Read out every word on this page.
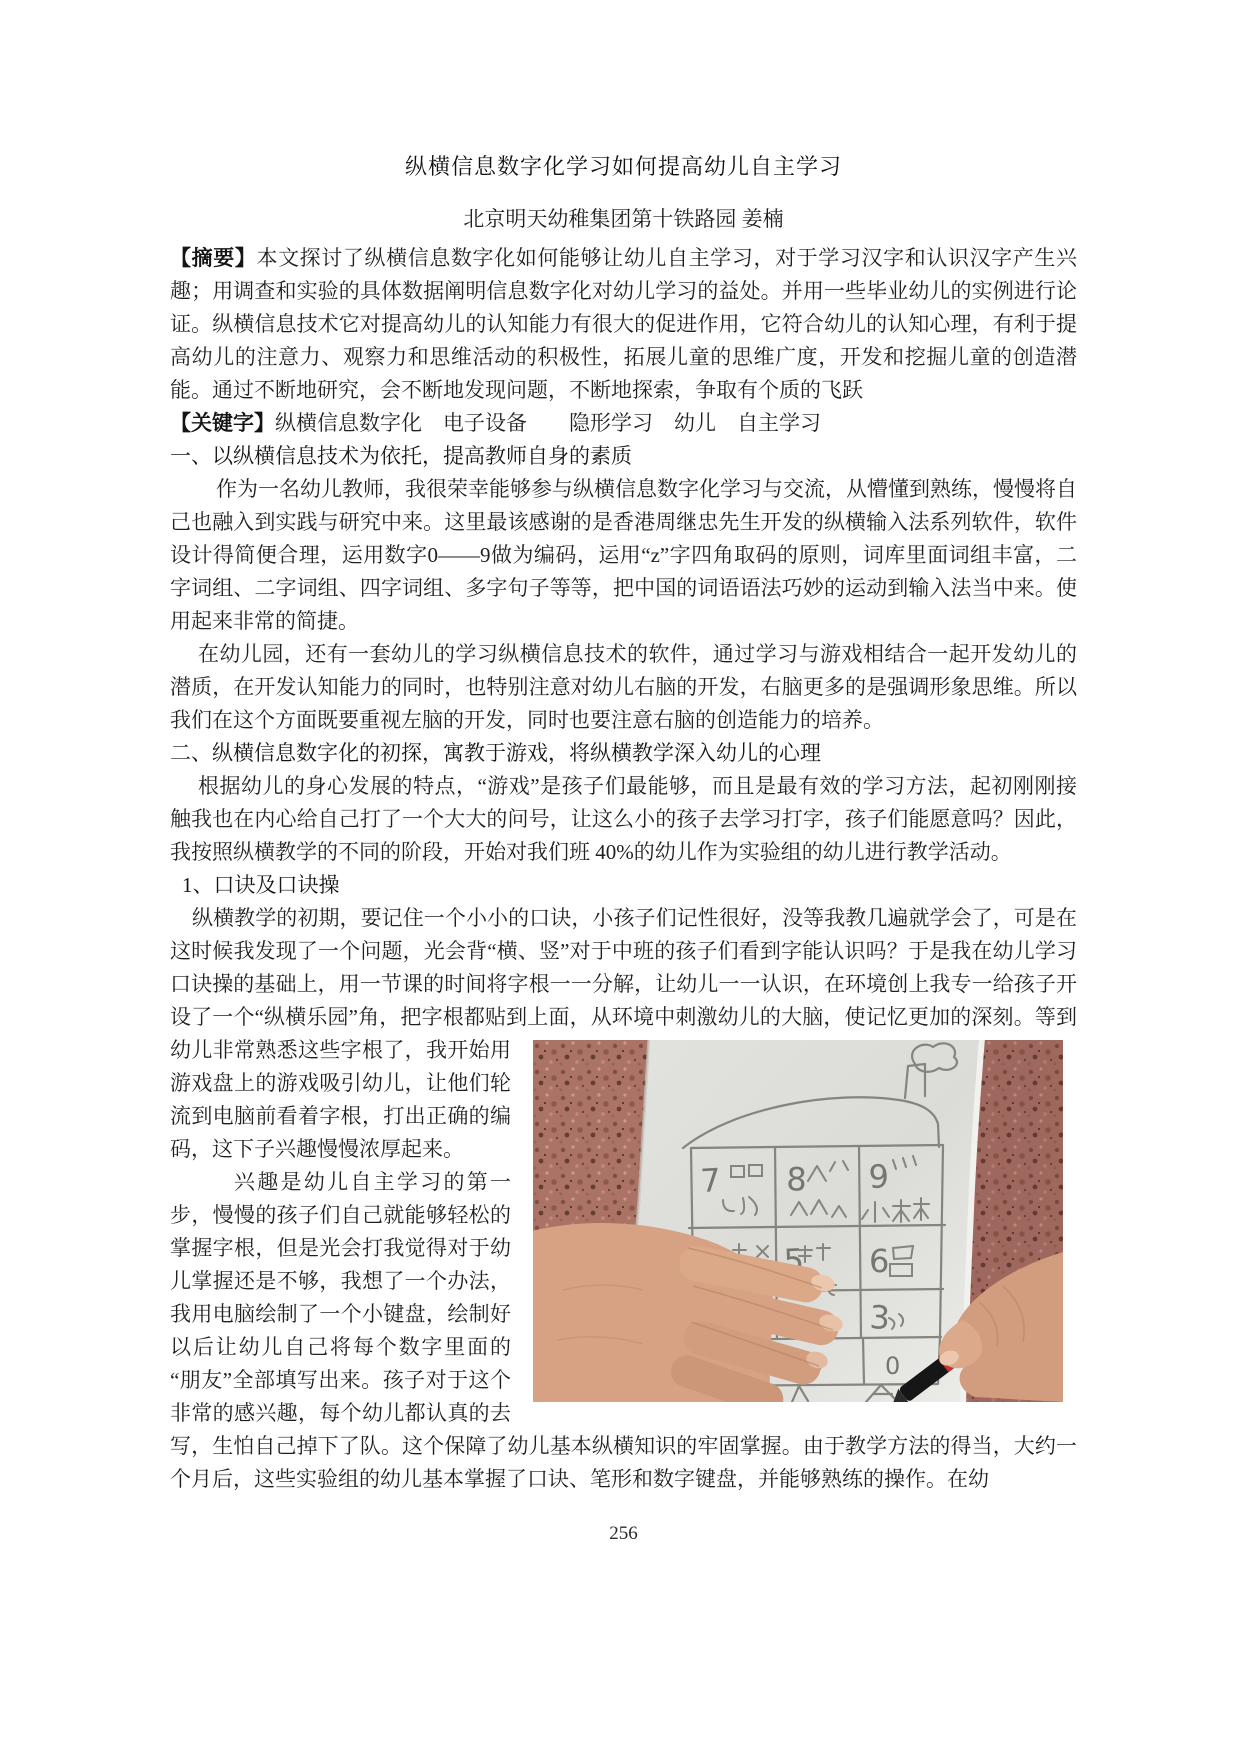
纵横信息数字化学习如何提高幼儿自主学习
北京明天幼稚集团第十铁路园 姜楠

【摘要】本文探讨了纵横信息数字化如何能够让幼儿自主学习，对于学习汉字和认识汉字产生兴趣；用调查和实验的具体数据阐明信息数字化对幼儿学习的益处。并用一些毕业幼儿的实例进行论证。纵横信息技术它对提高幼儿的认知能力有很大的促进作用，它符合幼儿的认知心理，有利于提高幼儿的注意力、观察力和思维活动的积极性，拓展儿童的思维广度，开发和挖掘儿童的创造潜能。通过不断地研究，会不断地发现问题，不断地探索，争取有个质的飞跃

【关键字】纵横信息数字化　电子设备　　隐形学习　幼儿　自主学习

一、以纵横信息技术为依托，提高教师自身的素质

作为一名幼儿教师，我很荣幸能够参与纵横信息数字化学习与交流，从懵懂到熟练，慢慢将自己也融入到实践与研究中来。这里最该感谢的是香港周继忠先生开发的纵横输入法系列软件，软件设计得简便合理，运用数字0——9做为编码，运用“z”字四角取码的原则，词库里面词组丰富，二字词组、二字词组、四字词组、多字句子等等，把中国的词语语法巧妙的运动到输入法当中来。使用起来非常的简捷。

在幼儿园，还有一套幼儿的学习纵横信息技术的软件，通过学习与游戏相结合一起开发幼儿的潜质，在开发认知能力的同时，也特别注意对幼儿右脑的开发，右脑更多的是强调形象思维。所以我们在这个方面既要重视左脑的开发，同时也要注意右脑的创造能力的培养。

二、纵横信息数字化的初探，寓教于游戏，将纵横教学深入幼儿的心理

根据幼儿的身心发展的特点，“游戏”是孩子们最能够，而且是最有效的学习方法，起初刚刚接触我也在内心给自己打了一个大大的问号，让这么小的孩子去学习打字，孩子们能愿意吗？因此，我按照纵横教学的不同的阶段，开始对我们班 40%的幼儿作为实验组的幼儿进行教学活动。

1、口诀及口诀操

纵横教学的初期，要记住一个小小的口诀，小孩子们记性很好，没等我教几遍就学会了，可是在这时候我发现了一个问题，光会背“横、竖”对于中班的孩子们看到字能认识吗？于是我在幼儿学习口诀操的基础上，用一节课的时间将字根一一分解，让幼儿一一认识，在环境创上我专一给孩子开设了一个“纵横乐园”角，把字根都贴到上面，从环境中刺激幼儿的
7 8 9
5 6
3
0
大脑，使记忆更加的深刻。等到幼儿非常熟悉这些字根了，我开始用游戏盘上的游戏吸引幼儿，让他们轮流到电脑前看着字根，打出正确的编码，这下子兴趣慢慢浓厚起来。

兴趣是幼儿自主学习的第一步，慢慢的孩子们自己就能够轻松的掌握字根，但是光会打我觉得对于幼儿掌握还是不够，我想了一个办法，我用电脑绘制了一个小键盘，绘制好以后让幼儿自己将每个数字里面的“朋友”全部填写出来。孩子对于这个非常的感兴趣，每个幼儿都认真的去写，生怕自己掉下了队。这个保障了幼儿基本纵横知识的牢固掌握。由于教学方法的得当，大约一个月后，这些实验组的幼儿基本掌握了口诀、笔形和数字键盘，并能够熟练的操作。在幼

256
